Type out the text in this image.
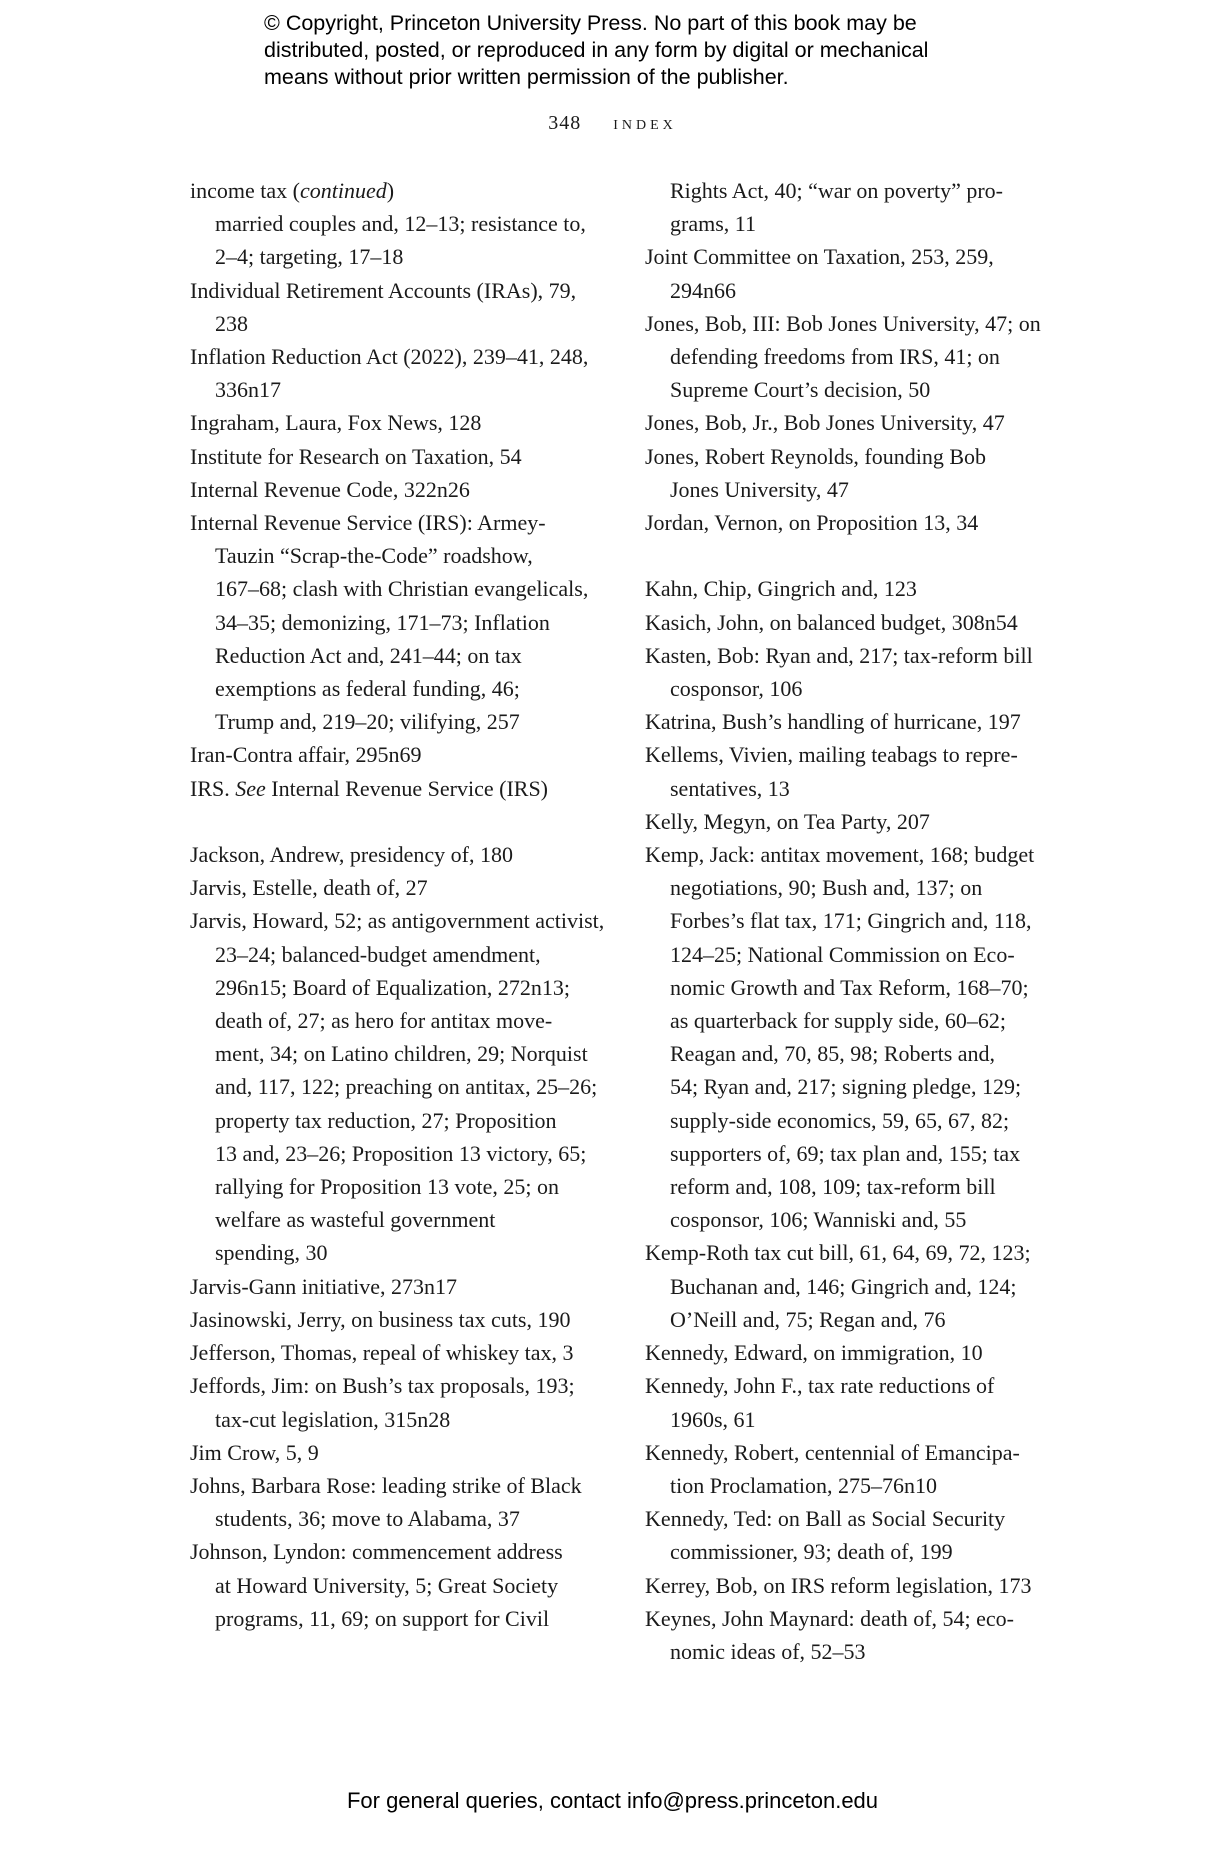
© Copyright, Princeton University Press. No part of this book may be
distributed, posted, or reproduced in any form by digital or mechanical
means without prior written permission of the publisher.
348 index
income tax (continued)
married couples and, 12–13; resistance to,
2–4; targeting, 17–18
Individual Retirement Accounts (IRAs), 79,
238
Inflation Reduction Act (2022), 239–41, 248,
336n17
Ingraham, Laura, Fox News, 128
Institute for Research on Taxation, 54
Internal Revenue Code, 322n26
Internal Revenue Service (IRS): Armey-
Tauzin “Scrap-the-Code” roadshow,
167–68; clash with Christian evangelicals,
34–35; demonizing, 171–73; Inflation
Reduction Act and, 241–44; on tax
exemptions as federal funding, 46;
Trump and, 219–20; vilifying, 257
Iran-Contra affair, 295n69
IRS. See Internal Revenue Service (IRS)
Jackson, Andrew, presidency of, 180
Jarvis, Estelle, death of, 27
Jarvis, Howard, 52; as antigovernment activist,
23–24; balanced-budget amendment,
296n15; Board of Equalization, 272n13;
death of, 27; as hero for antitax move-
ment, 34; on Latino children, 29; Norquist
and, 117, 122; preaching on antitax, 25–26;
property tax reduction, 27; Proposition
13 and, 23–26; Proposition 13 victory, 65;
rallying for Proposition 13 vote, 25; on
welfare as wasteful government
spending, 30
Jarvis-Gann initiative, 273n17
Jasinowski, Jerry, on business tax cuts, 190
Jefferson, Thomas, repeal of whiskey tax, 3
Jeffords, Jim: on Bush’s tax proposals, 193;
tax-cut legislation, 315n28
Jim Crow, 5, 9
Johns, Barbara Rose: leading strike of Black
students, 36; move to Alabama, 37
Johnson, Lyndon: commencement address
at Howard University, 5; Great Society
programs, 11, 69; on support for Civil
Rights Act, 40; “war on poverty” pro-
grams, 11
Joint Committee on Taxation, 253, 259, 294n66
Jones, Bob, III: Bob Jones University, 47; on
defending freedoms from IRS, 41; on
Supreme Court’s decision, 50
Jones, Bob, Jr., Bob Jones University, 47
Jones, Robert Reynolds, founding Bob
Jones University, 47
Jordan, Vernon, on Proposition 13, 34
Kahn, Chip, Gingrich and, 123
Kasich, John, on balanced budget, 308n54
Kasten, Bob: Ryan and, 217; tax-reform bill
cosponsor, 106
Katrina, Bush’s handling of hurricane, 197
Kellems, Vivien, mailing teabags to repre-
sentatives, 13
Kelly, Megyn, on Tea Party, 207
Kemp, Jack: antitax movement, 168; budget
negotiations, 90; Bush and, 137; on
Forbes’s flat tax, 171; Gingrich and, 118,
124–25; National Commission on Eco-
nomic Growth and Tax Reform, 168–70;
as quarterback for supply side, 60–62;
Reagan and, 70, 85, 98; Roberts and,
54; Ryan and, 217; signing pledge, 129;
supply-side economics, 59, 65, 67, 82;
supporters of, 69; tax plan and, 155; tax
reform and, 108, 109; tax-reform bill
cosponsor, 106; Wanniski and, 55
Kemp-Roth tax cut bill, 61, 64, 69, 72, 123;
Buchanan and, 146; Gingrich and, 124;
O’Neill and, 75; Regan and, 76
Kennedy, Edward, on immigration, 10
Kennedy, John F., tax rate reductions of
1960s, 61
Kennedy, Robert, centennial of Emancipa-
tion Proclamation, 275–76n10
Kennedy, Ted: on Ball as Social Security
commissioner, 93; death of, 199
Kerrey, Bob, on IRS reform legislation, 173
Keynes, John Maynard: death of, 54; eco-
nomic ideas of, 52–53
For general queries, contact info@press.princeton.edu
